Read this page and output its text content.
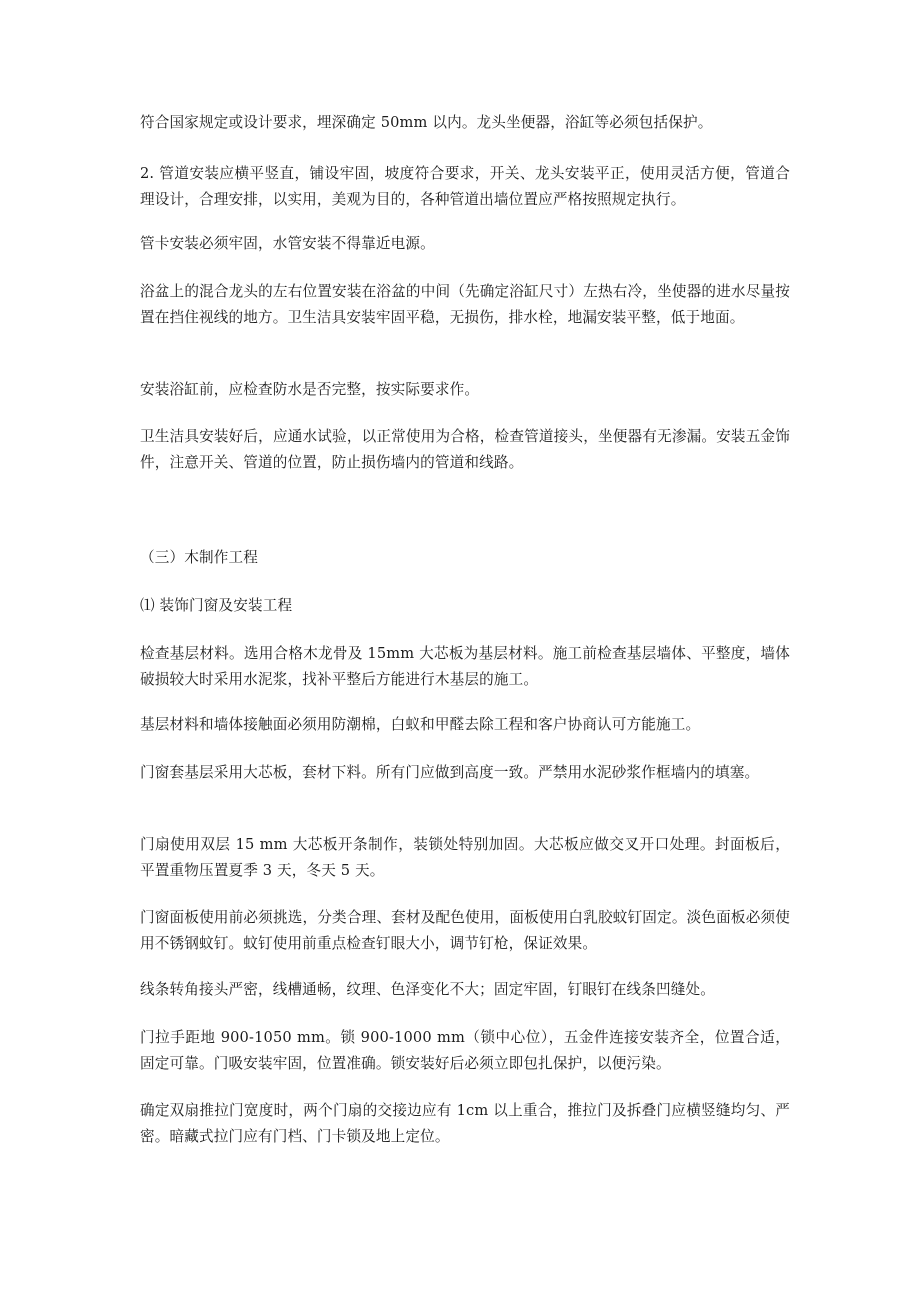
符合国家规定或设计要求，埋深确定 50mm 以内。龙头坐便器，浴缸等必须包括保护。

2. 管道安装应横平竖直，铺设牢固，坡度符合要求，开关、龙头安装平正，使用灵活方便，管道合理设计，合理安排，以实用，美观为目的，各种管道出墙位置应严格按照规定执行。

管卡安装必须牢固，水管安装不得靠近电源。

浴盆上的混合龙头的左右位置安装在浴盆的中间（先确定浴缸尺寸）左热右冷，坐使器的进水尽量按置在挡住视线的地方。卫生洁具安装牢固平稳，无损伤，排水栓，地漏安装平整，低于地面。

安装浴缸前，应检查防水是否完整，按实际要求作。

卫生洁具安装好后，应通水试验，以正常使用为合格，检查管道接头，坐便器有无渗漏。安装五金饰件，注意开关、管道的位置，防止损伤墙内的管道和线路。

（三）木制作工程

⑴ 装饰门窗及安装工程

检查基层材料。选用合格木龙骨及 15mm 大芯板为基层材料。施工前检查基层墙体、平整度，墙体破损较大时采用水泥浆，找补平整后方能进行木基层的施工。

基层材料和墙体接触面必须用防潮棉，白蚁和甲醛去除工程和客户协商认可方能施工。

门窗套基层采用大芯板，套材下料。所有门应做到高度一致。严禁用水泥砂浆作框墙内的填塞。

门扇使用双层 15 mm 大芯板开条制作，装锁处特别加固。大芯板应做交叉开口处理。封面板后，平置重物压置夏季 3 天，冬天 5 天。

门窗面板使用前必须挑选，分类合理、套材及配色使用，面板使用白乳胶蚊钉固定。淡色面板必须使用不锈钢蚊钉。蚊钉使用前重点检查钉眼大小，调节钉枪，保证效果。

线条转角接头严密，线槽通畅，纹理、色泽变化不大；固定牢固，钉眼钉在线条凹缝处。

门拉手距地 900-1050 mm。锁 900-1000 mm（锁中心位），五金件连接安装齐全，位置合适，固定可靠。门吸安装牢固，位置准确。锁安装好后必须立即包扎保护，以便污染。

确定双扇推拉门宽度时，两个门扇的交接边应有 1cm 以上重合，推拉门及拆叠门应横竖缝均匀、严密。暗藏式拉门应有门档、门卡锁及地上定位。
